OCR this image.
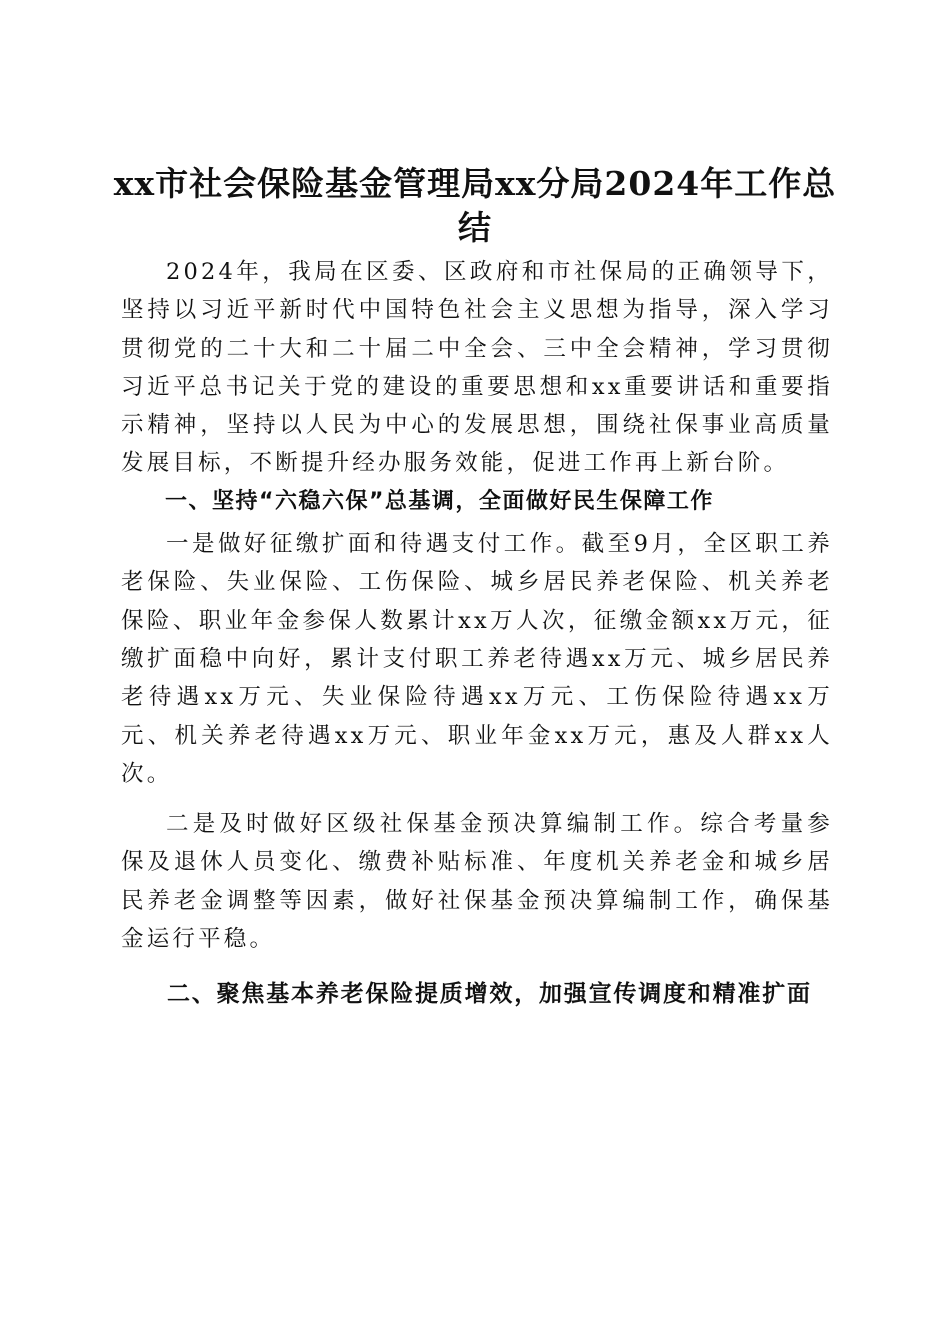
xx市社会保险基金管理局xx分局2024年工作总结

2024年，我局在区委、区政府和市社保局的正确领导下，坚持以习近平新时代中国特色社会主义思想为指导，深入学习贯彻党的二十大和二十届二中全会、三中全会精神，学习贯彻习近平总书记关于党的建设的重要思想和xx重要讲话和重要指示精神，坚持以人民为中心的发展思想，围绕社保事业高质量发展目标，不断提升经办服务效能，促进工作再上新台阶。

一、坚持“六稳六保”总基调，全面做好民生保障工作

一是做好征缴扩面和待遇支付工作。截至9月，全区职工养老保险、失业保险、工伤保险、城乡居民养老保险、机关养老保险、职业年金参保人数累计xx万人次，征缴金额xx万元，征缴扩面稳中向好，累计支付职工养老待遇xx万元、城乡居民养老待遇xx万元、失业保险待遇xx万元、工伤保险待遇xx万元、机关养老待遇xx万元、职业年金xx万元，惠及人群xx人次。

二是及时做好区级社保基金预决算编制工作。综合考量参保及退休人员变化、缴费补贴标准、年度机关养老金和城乡居民养老金调整等因素，做好社保基金预决算编制工作，确保基金运行平稳。

二、聚焦基本养老保险提质增效，加强宣传调度和精准扩面
